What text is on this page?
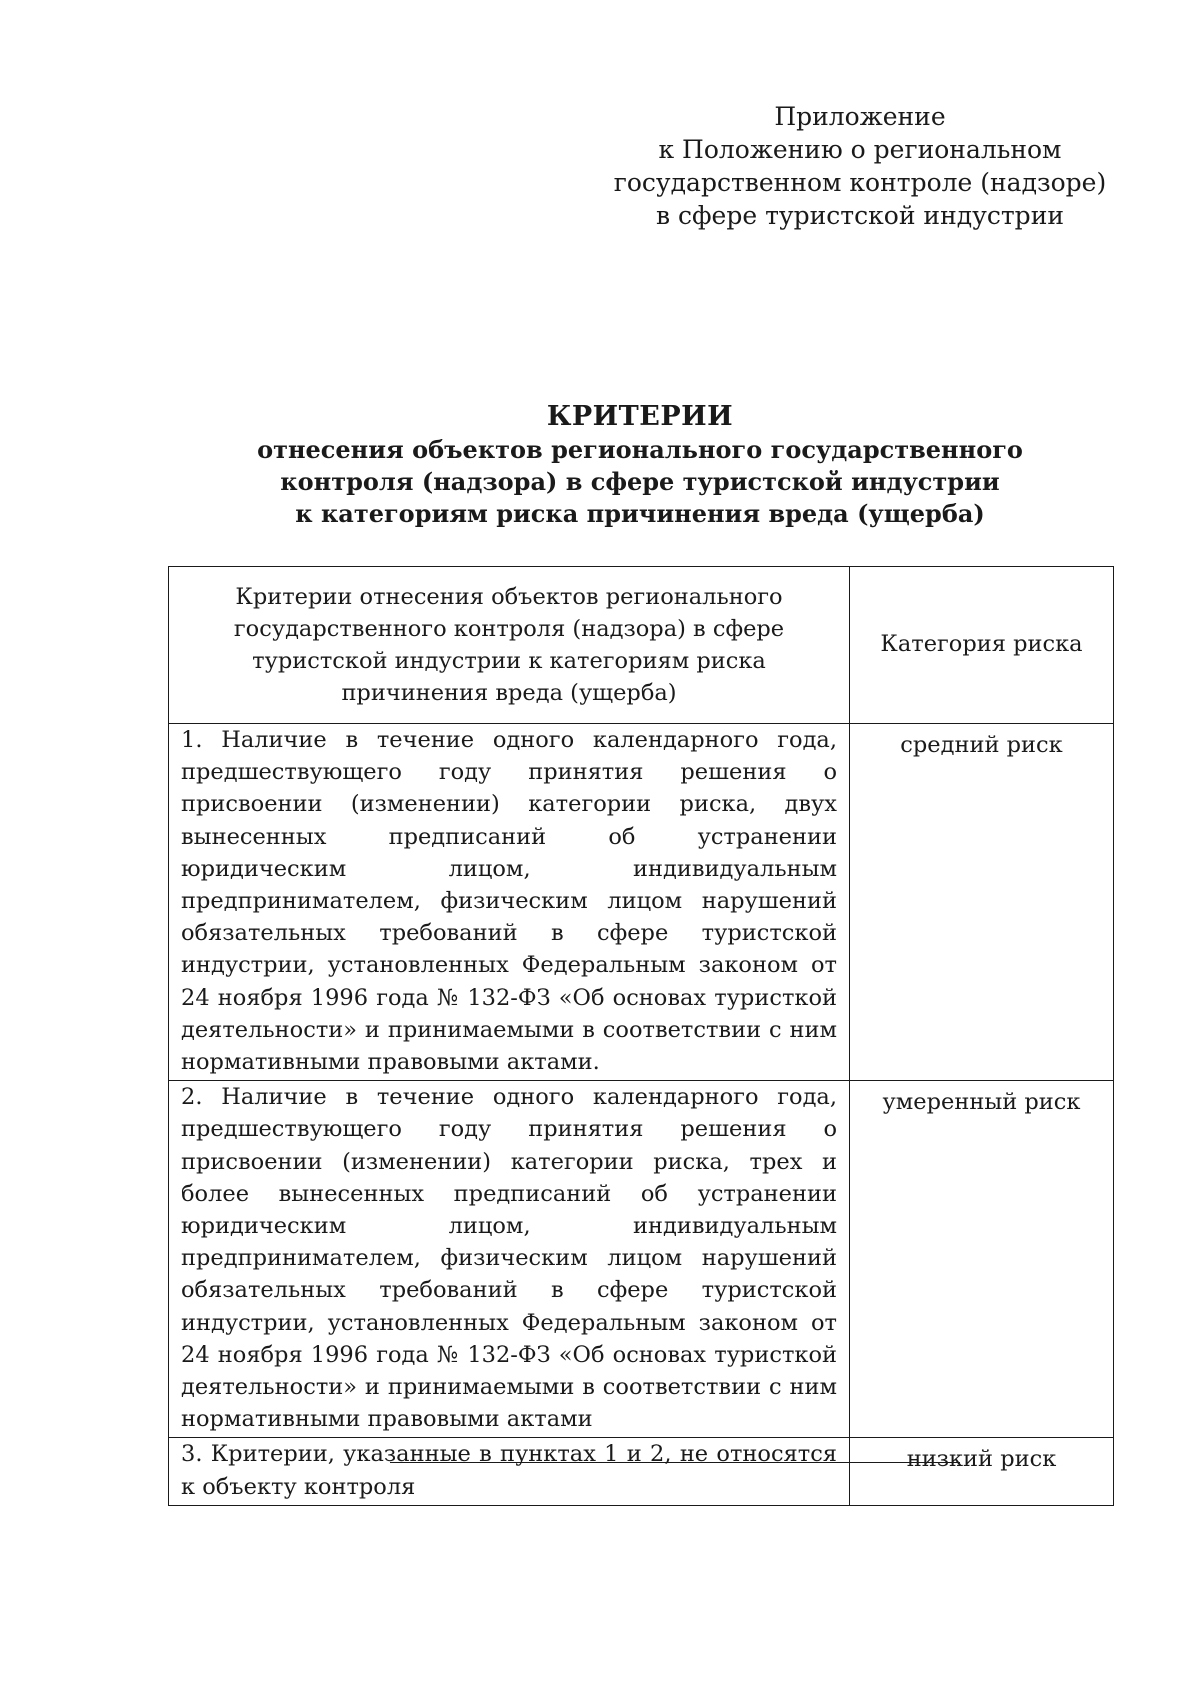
Приложение
к Положению о региональном
государственном контроле (надзоре)
в сфере туристской индустрии
КРИТЕРИИ
отнесения объектов регионального государственного
контроля (надзора) в сфере туристской индустрии
к категориям риска причинения вреда (ущерба)
Критерии отнесения объектов регионального государственного контроля (надзора) в сфере туристской индустрии к категориям риска причинения вреда (ущерба)	Категория риска
1. Наличие в течение одного календарного года, предшествующего году принятия решения о присвоении (изменении) категории риска, двух вынесенных предписаний об устранении юридическим лицом, индивидуальным предпринимателем, физическим лицом нарушений обязательных требований в сфере туристской индустрии, установленных Федеральным законом от 24 ноября 1996 года № 132-ФЗ «Об основах туристкой деятельности» и принимаемыми в соответствии с ним нормативными правовыми актами.	средний риск
2. Наличие в течение одного календарного года, предшествующего году принятия решения о присвоении (изменении) категории риска, трех и более вынесенных предписаний об устранении юридическим лицом, индивидуальным предпринимателем, физическим лицом нарушений обязательных требований в сфере туристской индустрии, установленных Федеральным законом от 24 ноября 1996 года № 132-ФЗ «Об основах туристкой деятельности» и принимаемыми в соответствии с ним нормативными правовыми актами	умеренный риск
3. Критерии, указанные в пунктах 1 и 2, не относятся к объекту контроля	низкий риск
